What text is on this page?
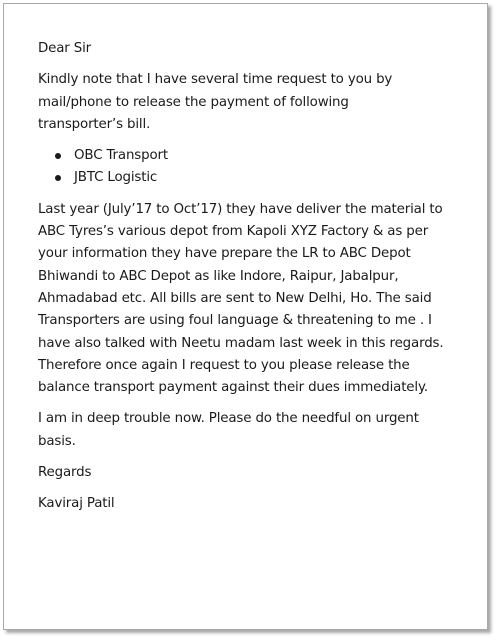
Dear Sir

Kindly note that I have several time request to you by
mail/phone to release the payment of following
transporter’s bill.

OBC Transport
JBTC Logistic

Last year (July’17 to Oct’17) they have deliver the material to
ABC Tyres’s various depot from Kapoli XYZ Factory & as per
your information they have prepare the LR to ABC Depot
Bhiwandi to ABC Depot as like Indore, Raipur, Jabalpur,
Ahmadabad etc. All bills are sent to New Delhi, Ho. The said
Transporters are using foul language & threatening to me . I
have also talked with Neetu madam last week in this regards.
Therefore once again I request to you please release the
balance transport payment against their dues immediately.

I am in deep trouble now. Please do the needful on urgent
basis.

Regards

Kaviraj Patil
